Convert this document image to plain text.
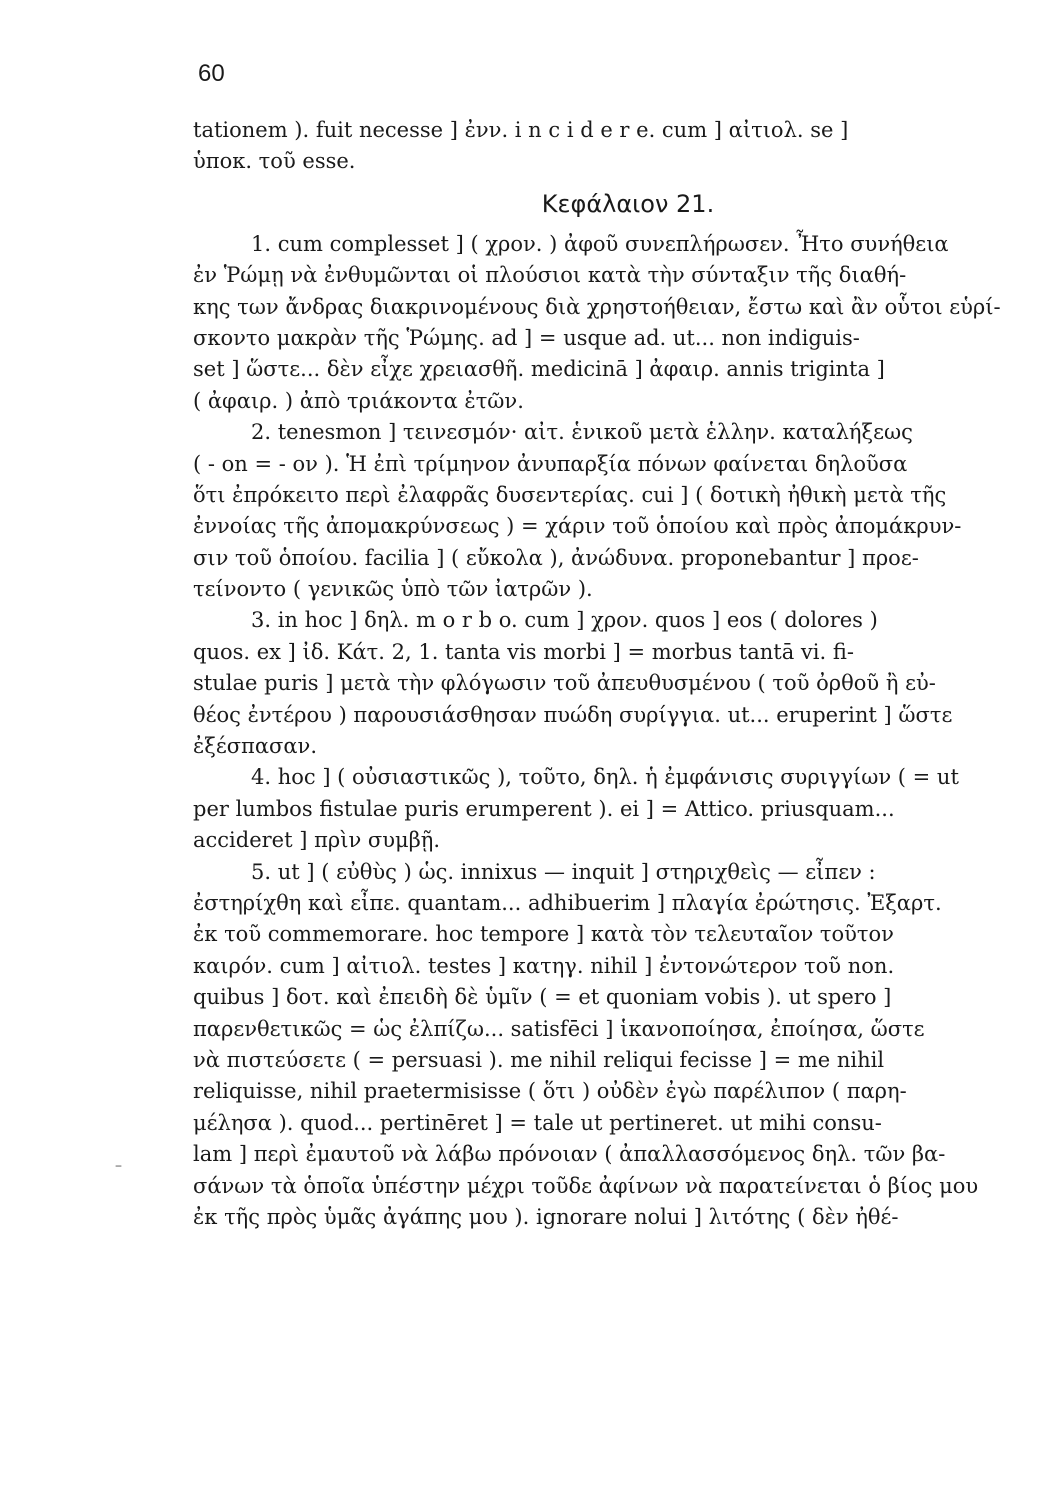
60
–
tationem ). fuit necesse ] ἐνν. i n c i d e r e. cum ] αἰτιολ. se ]
ὑποκ. τοῦ esse.
Κεφάλαιον 21.
1. cum complesset ] ( χρον. ) ἀφοῦ συνεπλήρωσεν. Ἦτο συνήθεια
ἐν Ῥώμῃ νὰ ἐνθυμῶνται οἱ πλούσιοι κατὰ τὴν σύνταξιν τῆς διαθή-
κης των ἄνδρας διακρινομένους διὰ χρηστοήθειαν, ἔστω καὶ ἂν οὗτοι εὑρί-
σκοντο μακρὰν τῆς Ῥώμης. ad ] = usque ad. ut... non indiguis-
set ] ὥστε... δὲν εἶχε χρειασθῆ. medicinā ] ἀφαιρ. annis triginta ]
( ἀφαιρ. ) ἀπὸ τριάκοντα ἐτῶν.
2. tenesmon ] τεινεσμόν· αἰτ. ἑνικοῦ μετὰ ἑλλην. καταλήξεως
( - on = - ον ). Ἡ ἐπὶ τρίμηνον ἀνυπαρξία πόνων φαίνεται δηλοῦσα
ὅτι ἐπρόκειτο περὶ ἐλαφρᾶς δυσεντερίας. cui ] ( δοτικὴ ἠθικὴ μετὰ τῆς
ἐννοίας τῆς ἀπομακρύνσεως ) = χάριν τοῦ ὁποίου καὶ πρὸς ἀπομάκρυν-
σιν τοῦ ὁποίου. facilia ] ( εὔκολα ), ἀνώδυνα. proponebantur ] προε-
τείνοντο ( γενικῶς ὑπὸ τῶν ἰατρῶν ).
3. in hoc ] δηλ. m o r b o. cum ] χρον. quos ] eos ( dolores )
quos. ex ] ἰδ. Κάτ. 2, 1. tanta vis morbi ] = morbus tantā vi. fi-
stulae puris ] μετὰ τὴν φλόγωσιν τοῦ ἀπευθυσμένου ( τοῦ ὀρθοῦ ἢ εὐ-
θέος ἐντέρου ) παρουσιάσθησαν πυώδη συρίγγια. ut... eruperint ] ὥστε
ἐξέσπασαν.
4. hoc ] ( οὐσιαστικῶς ), τοῦτο, δηλ. ἡ ἐμφάνισις συριγγίων ( = ut
per lumbos fistulae puris erumperent ). ei ] = Attico. priusquam...
accideret ] πρὶν συμβῇ.
5. ut ] ( εὐθὺς ) ὡς. innixus — inquit ] στηριχθεὶς — εἶπεν :
ἐστηρίχθη καὶ εἶπε. quantam... adhibuerim ] πλαγία ἐρώτησις. Ἐξαρτ.
ἐκ τοῦ commemorare. hoc tempore ] κατὰ τὸν τελευταῖον τοῦτον
καιρόν. cum ] αἰτιολ. testes ] κατηγ. nihil ] ἐντονώτερον τοῦ non.
quibus ] δοτ. καὶ ἐπειδὴ δὲ ὑμῖν ( = et quoniam vobis ). ut spero ]
παρενθετικῶς = ὡς ἐλπίζω... satisfēci ] ἱκανοποίησα, ἐποίησα, ὥστε
νὰ πιστεύσετε ( = persuasi ). me nihil reliqui fecisse ] = me nihil
reliquisse, nihil praetermisisse ( ὅτι ) οὐδὲν ἐγὼ παρέλιπον ( παρη-
μέλησα ). quod... pertinēret ] = tale ut pertineret. ut mihi consu-
lam ] περὶ ἐμαυτοῦ νὰ λάβω πρόνοιαν ( ἀπαλλασσόμενος δηλ. τῶν βα-
σάνων τὰ ὁποῖα ὑπέστην μέχρι τοῦδε ἀφίνων νὰ παρατείνεται ὁ βίος μου
ἐκ τῆς πρὸς ὑμᾶς ἀγάπης μου ). ignorare nolui ] λιτότης ( δὲν ἠθέ-
